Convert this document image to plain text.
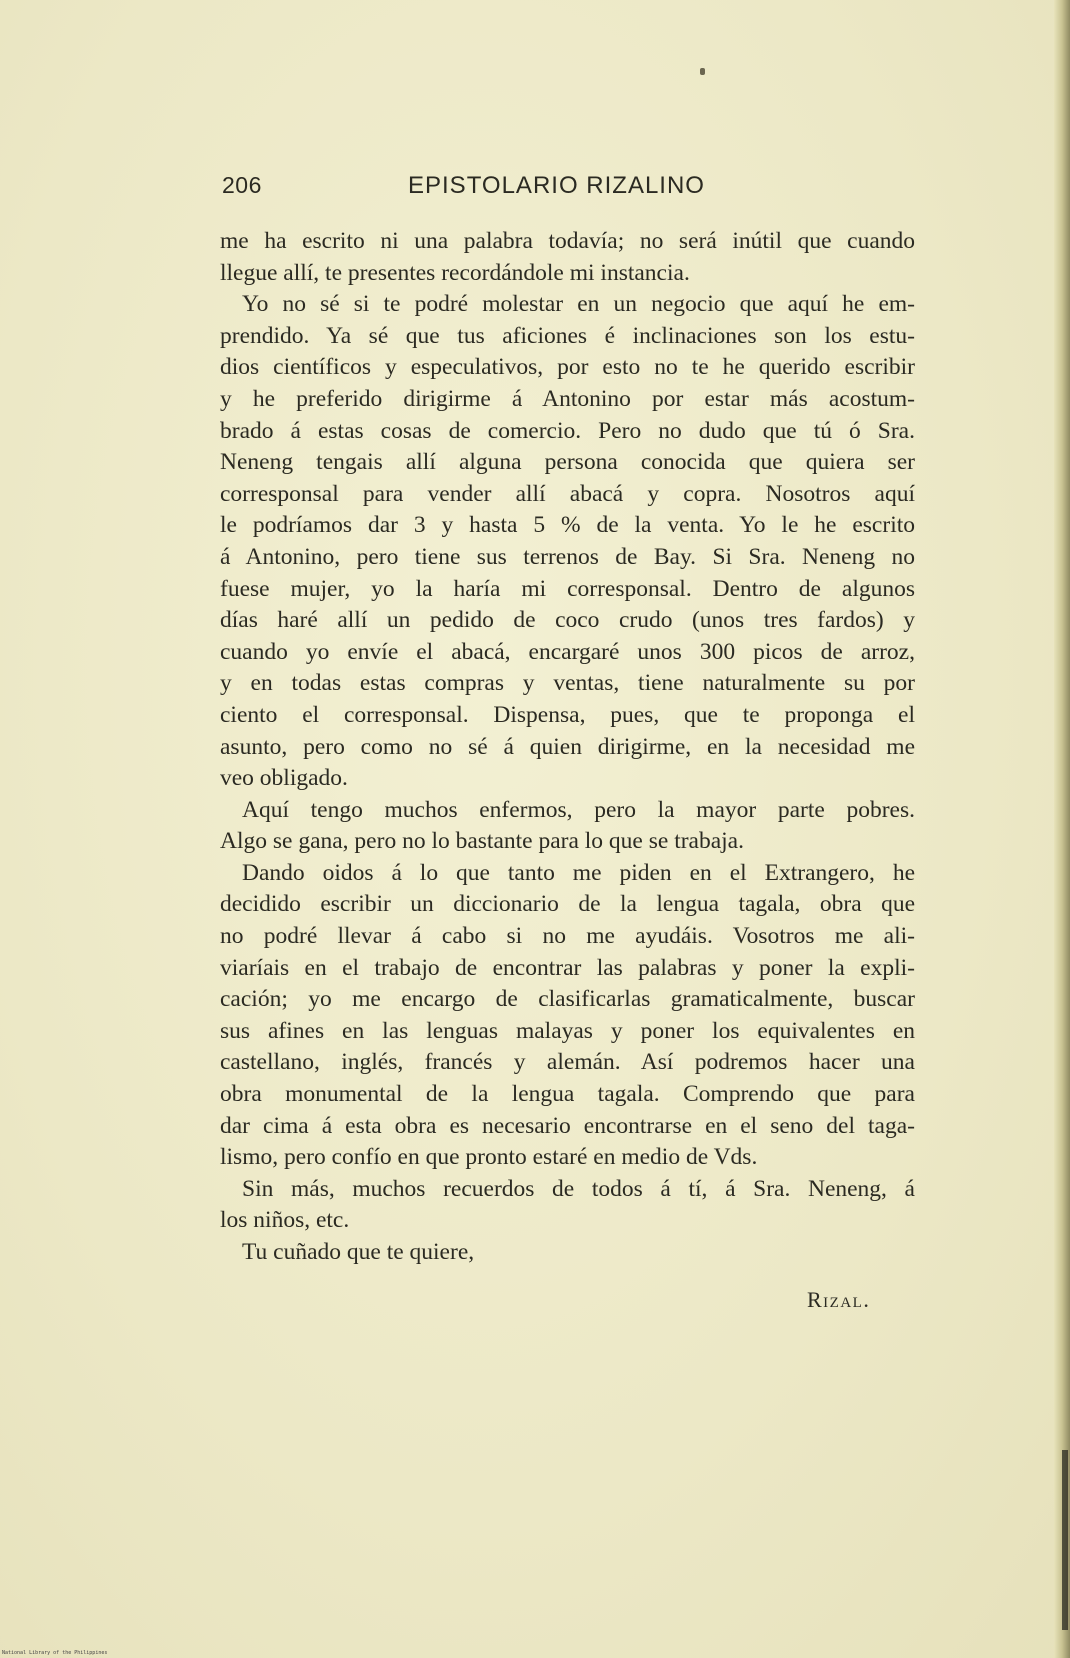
206	EPISTOLARIO RIZALINO
me ha escrito ni una palabra todavía; no será inútil que cuando
llegue allí, te presentes recordándole mi instancia.
Yo no sé si te podré molestar en un negocio que aquí he em-
prendido. Ya sé que tus aficiones é inclinaciones son los estu-
dios científicos y especulativos, por esto no te he querido escribir
y he preferido dirigirme á Antonino por estar más acostum-
brado á estas cosas de comercio. Pero no dudo que tú ó Sra.
Neneng tengais allí alguna persona conocida que quiera ser
corresponsal para vender allí abacá y copra. Nosotros aquí
le podríamos dar 3 y hasta 5 % de la venta. Yo le he escrito
á Antonino, pero tiene sus terrenos de Bay. Si Sra. Neneng no
fuese mujer, yo la haría mi corresponsal. Dentro de algunos
días haré allí un pedido de coco crudo (unos tres fardos) y
cuando yo envíe el abacá, encargaré unos 300 picos de arroz,
y en todas estas compras y ventas, tiene naturalmente su por
ciento el corresponsal. Dispensa, pues, que te proponga el
asunto, pero como no sé á quien dirigirme, en la necesidad me
veo obligado.
Aquí tengo muchos enfermos, pero la mayor parte pobres.
Algo se gana, pero no lo bastante para lo que se trabaja.
Dando oidos á lo que tanto me piden en el Extrangero, he
decidido escribir un diccionario de la lengua tagala, obra que
no podré llevar á cabo si no me ayudáis. Vosotros me ali-
viaríais en el trabajo de encontrar las palabras y poner la expli-
cación; yo me encargo de clasificarlas gramaticalmente, buscar
sus afines en las lenguas malayas y poner los equivalentes en
castellano, inglés, francés y alemán. Así podremos hacer una
obra monumental de la lengua tagala. Comprendo que para
dar cima á esta obra es necesario encontrarse en el seno del taga-
lismo, pero confío en que pronto estaré en medio de Vds.
Sin más, muchos recuerdos de todos á tí, á Sra. Neneng, á
los niños, etc.
Tu cuñado que te quiere,
Rizal.
National Library of the Philippines
